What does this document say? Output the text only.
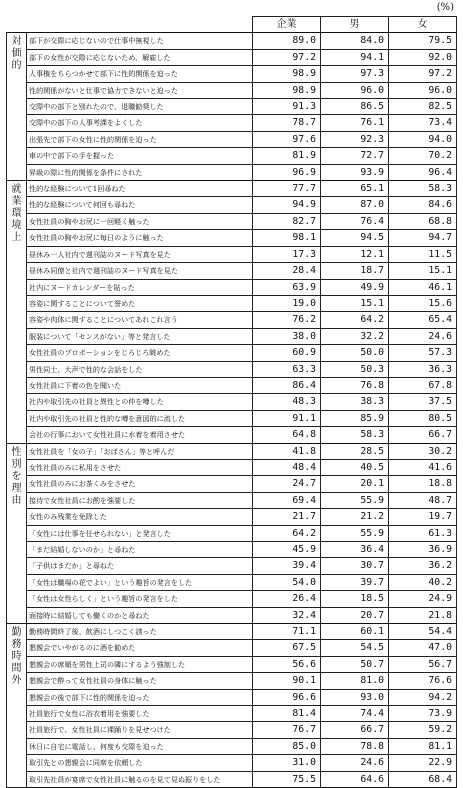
(%)
		企業	男	女
対価的	部下が交際に応じないので仕事中無視した	89.0	84.0	79.5
	部下の女性が交際に応じないため、解雇した	97.2	94.1	92.0
	人事権をちらつかせて部下に性的関係を迫った	98.9	97.3	97.2
	性的関係がないと仕事で協力できないと迫った	98.9	96.0	96.0
	交際中の部下と別れたので、退職勧奨した	91.3	86.5	82.5
	交際中の部下の人事考課をよくした	78.7	76.1	73.4
	出張先で部下の女性に性的関係を迫った	97.6	92.3	94.0
	車の中で部下の手を握った	81.9	72.7	70.2
	昇級の際に性的関係を条件にされた	96.9	93.9	96.4
就業環境上	性的な経験について1回尋ねた	77.7	65.1	58.3
	性的な経験について何回も尋ねた	94.9	87.0	84.6
	女性社員の胸やお尻に一回軽く触った	82.7	76.4	68.8
	女性社員の胸やお尻に毎日のように触った	98.1	94.5	94.7
	昼休み一人社内で週刊誌のヌード写真を見た	17.3	12.1	11.5
	昼休み同僚と社内で週刊誌のヌード写真を見た	28.4	18.7	15.1
	社内にヌードカレンダーを貼った	63.9	49.9	46.1
	容姿に関することについて誉めた	19.0	15.1	15.6
	容姿や肉体に関することについてあれこれ言う	76.2	64.2	65.4
	服装について「センスがない」等と発言した	38.0	32.2	24.6
	女性社員のプロポーションをじろじろ眺めた	60.9	50.0	57.3
	男性同士、大声で性的な会話をした	63.3	50.3	36.3
	女性社員に下着の色を聞いた	86.4	76.8	67.8
	社内や取引先の社員と異性との仲を噂した	48.3	38.3	37.5
	社内や取引先の社員と性的な噂を意図的に流した	91.1	85.9	80.5
	会社の行事において女性社員に水着を着用させた	64.8	58.3	66.7
性別を理由	女性社員を「女の子」「おばさん」等と呼んだ	41.8	28.5	30.2
	女性社員のみに私用をさせた	48.4	40.5	41.6
	女性社員のみにお茶くみをさせた	24.7	20.1	18.8
	接待で女性社員にお酌を強要した	69.4	55.9	48.7
	女性のみ残業を免除した	21.7	21.2	19.7
	「女性には仕事を任せられない」と発言した	64.2	55.9	61.3
	「まだ結婚しないのか」と尋ねた	45.9	36.4	36.9
	「子供はまだか」と尋ねた	39.4	30.7	36.2
	「女性は職場の花でよい」という趣旨の発言をした	54.0	39.7	40.2
	「女性は女性らしく」という趣旨の発言をした	26.4	18.5	24.9
	面接時に結婚しても働くのかと尋ねた	32.4	20.7	21.8
勤務時間外	勤務時間終了後、飲酒にしつこく誘った	71.1	60.1	54.4
	懇親会でいやがるのに酒を勧めた	67.5	54.5	47.0
	懇親会の席順を男性上司の隣にするよう強制した	56.6	50.7	56.7
	懇親会で酔って女性社員の身体に触った	90.1	81.0	76.6
	懇親会の後で部下に性的関係を迫った	96.6	93.0	94.2
	社員旅行で女性に浴衣着用を強要した	81.4	74.4	73.9
	社員旅行で、女性社員に裸踊りを見せつけた	76.7	66.7	59.2
	休日に自宅に電話し、何度も交際を迫った	85.0	78.8	81.1
	取引先との懇親会に同席を依頼した	31.0	24.6	22.9
	取引先社員が宴席で女性社員に触るのを見て見ぬ振りをした	75.5	64.6	68.4
